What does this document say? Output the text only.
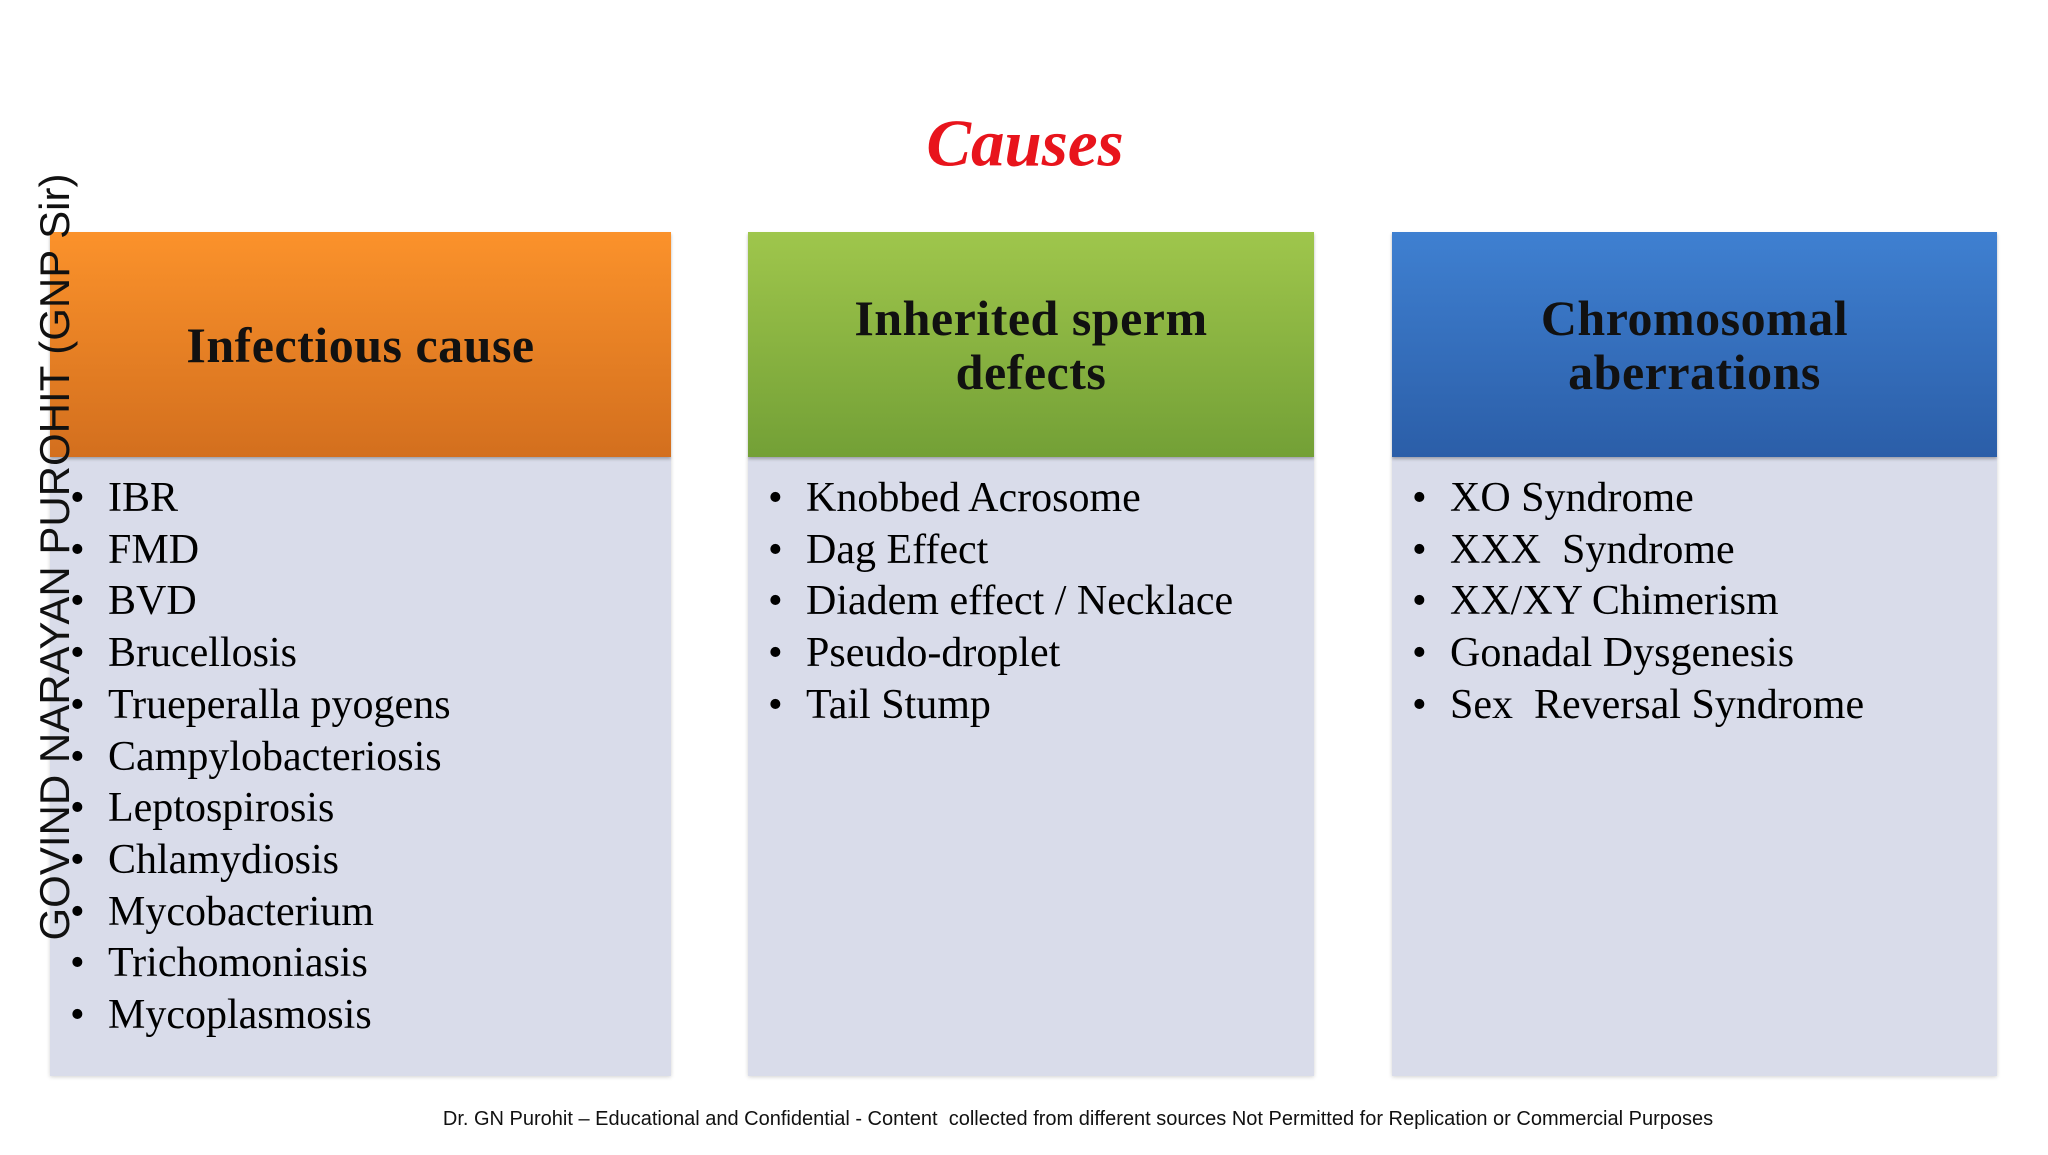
Causes
Infectious cause
• IBR
• FMD
• BVD
• Brucellosis
• Trueperalla pyogens
• Campylobacteriosis
• Leptospirosis
• Chlamydiosis
• Mycobacterium
• Trichomoniasis
• Mycoplasmosis
Inherited sperm
defects
• Knobbed Acrosome
• Dag Effect
• Diadem effect / Necklace
• Pseudo-droplet
• Tail Stump
Chromosomal
aberrations
• XO Syndrome
• XXX  Syndrome
• XX/XY Chimerism
• Gonadal Dysgenesis
• Sex  Reversal Syndrome
GOVIND NARAYAN PUROHIT (GNP Sir)
Dr. GN Purohit – Educational and Confidential - Content  collected from different sources Not Permitted for Replication or Commercial Purposes
